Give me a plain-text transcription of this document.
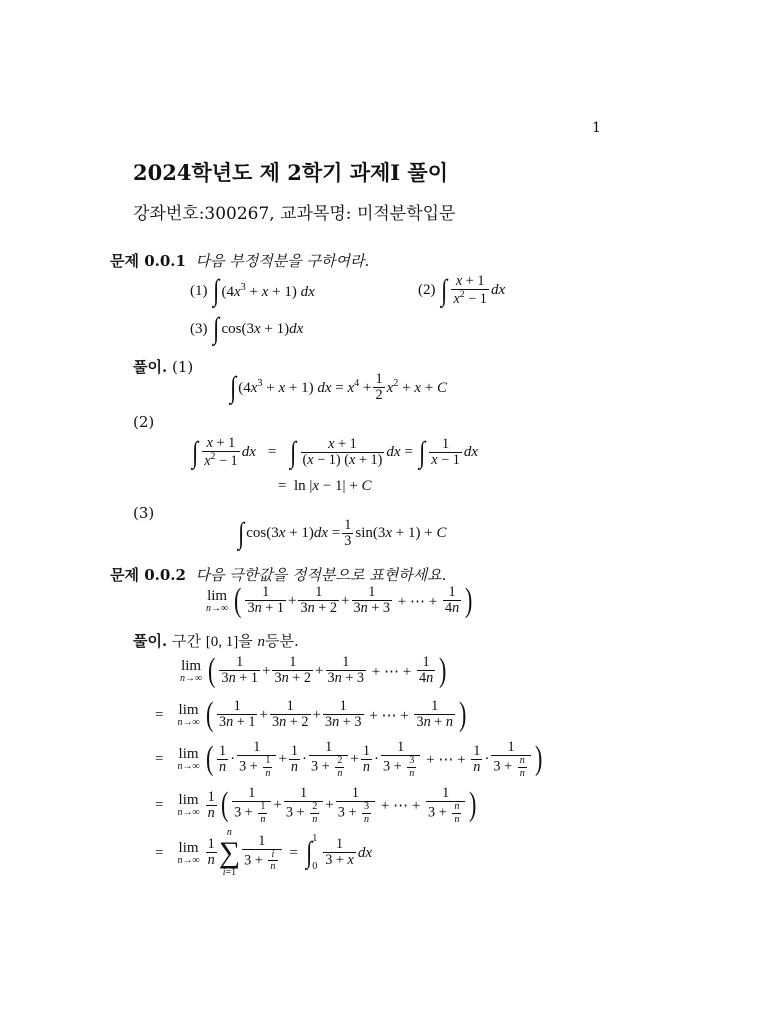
1
2024학년도 제 2학기 과제I 풀이
강좌번호:300267, 교과목명: 미적분학입문
문제 0.0.1 다음 부정적분을 구하여라.
(1)
∫ $(4x^3 + x + 1)$ dx	(2)
∫ $\frac{x + 1}{x^2 - 1}$ dx
(3)
∫ cos(3x + 1)dx
풀이. (1)
∫ $(4x^3 + x + 1)$ dx = $x^4 + \frac{1}{2} x^2 + x + C$
(2)
∫ $\frac{x + 1}{x^2 - 1}$ dx = ∫ $\frac{x + 1}{(x - 1) (x + 1)}$ dx = ∫ $\frac{1}{x - 1}$ dx
=  ln |x − 1| + C
(3)
∫ $\cos(3x + 1)dx = \frac{1}{3} \sin(3x + 1) + C$
문제 0.0.2 다음 극한값을 정적분으로 표현하세요.
lim
n→∞ ( $\frac{1}{3n + 1} + \frac{1}{3n + 2} + \frac{1}{3n + 3}$ + ⋯ + $\frac{1}{4n}$ )
풀이. 구간 [0, 1]을 n등분.
lim
n→∞ ( $\frac{1}{3n + 1} + \frac{1}{3n + 2} + \frac{1}{3n + 3}$ + ⋯ + $\frac{1}{4n}$ )
= lim
n→∞ ( $\frac{1}{3n + 1} + \frac{1}{3n + 2} + \frac{1}{3n + 3}$ + ⋯ + $\frac{1}{3n + n}$ )
= lim
n→∞ ( $\frac{1}{n} \cdot \frac{1}{3 + \frac{1}{n}} + \frac{1}{n} \cdot \frac{1}{3 + \frac{2}{n}} + \frac{1}{n} \cdot \frac{1}{3 + \frac{3}{n}}$ + ⋯ + $\frac{1}{n} \cdot \frac{1}{3 + \frac{n}{n}}$ )
= lim
$n\to\infty \frac{1}{n}$ ( $\frac{1}{3 + \frac{1}{n}} + \frac{1}{3 + \frac{2}{n}} + \frac{1}{3 + \frac{3}{n}}$ + ⋯ + $\frac{1}{3 + \frac{n}{n}}$ )
= lim
$n\to\infty \frac{1}{n}$
n
∑
i=1
$\frac{1}{3 + \frac{i}{n}}$ = ∫ 1
$0 \frac{1}{3 + x}$ dx
